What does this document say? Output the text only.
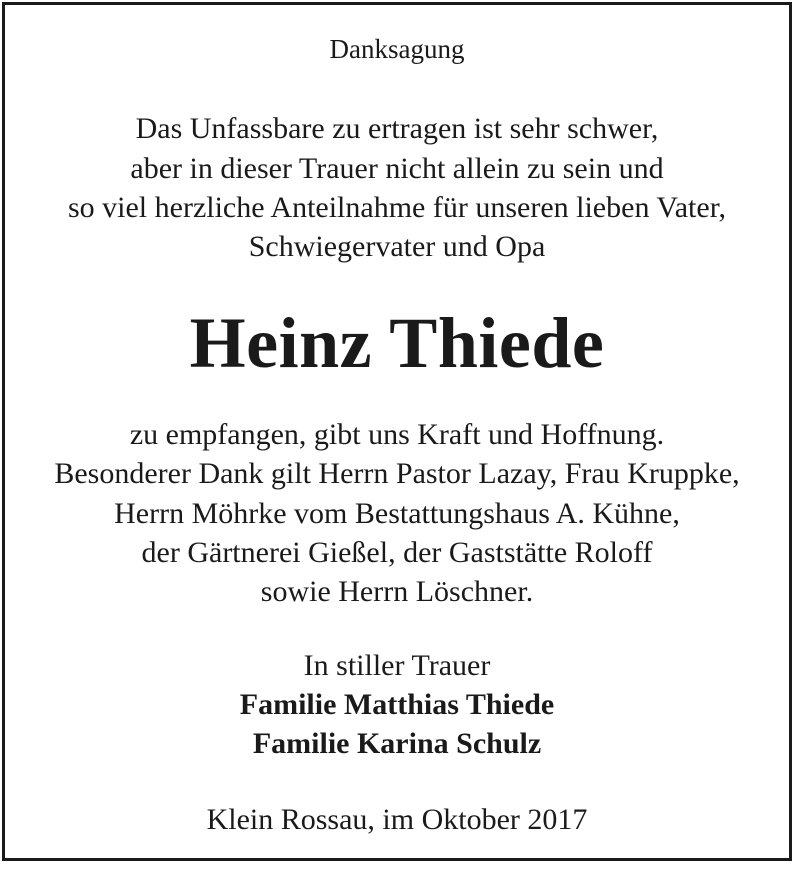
Danksagung
Das Unfassbare zu ertragen ist sehr schwer,
aber in dieser Trauer nicht allein zu sein und
so viel herzliche Anteilnahme für unseren lieben Vater,
Schwiegervater und Opa
Heinz Thiede
zu empfangen, gibt uns Kraft und Hoffnung.
Besonderer Dank gilt Herrn Pastor Lazay, Frau Kruppke,
Herrn Möhrke vom Bestattungshaus A. Kühne,
der Gärtnerei Gießel, der Gaststätte Roloff
sowie Herrn Löschner.
In stiller Trauer
Familie Matthias Thiede
Familie Karina Schulz
Klein Rossau, im Oktober 2017
